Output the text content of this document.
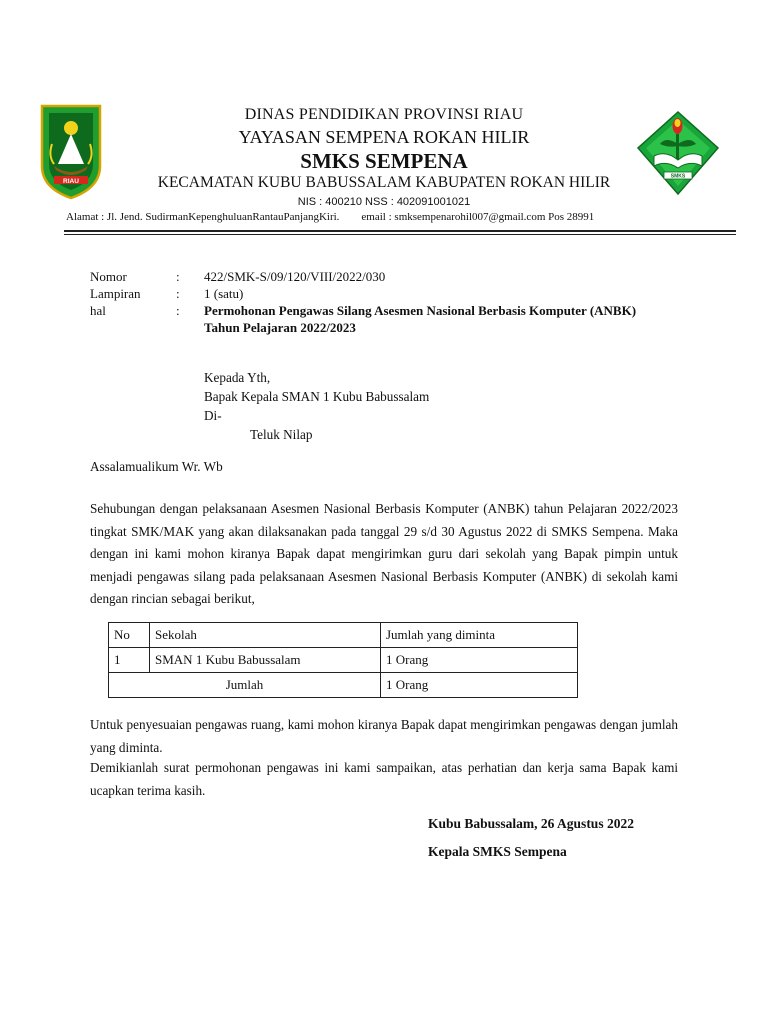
RIAU
SMKS
DINAS PENDIDIKAN PROVINSI RIAU
YAYASAN SEMPENA ROKAN HILIR
SMKS SEMPENA
KECAMATAN KUBU BABUSSALAM KABUPATEN ROKAN HILIR
NIS : 400210 NSS : 402091001021
Alamat : Jl. Jend. SudirmanKepenghuluanRantauPanjangKiri.        email : smksempenarohil007@gmail.com Pos 28991
Nomor	: 422/SMK-S/09/120/VIII/2022/030
Lampiran	: 1 (satu)
hal	: Permohonan Pengawas Silang Asesmen Nasional Berbasis Komputer (ANBK)
Tahun Pelajaran 2022/2023
Kepada Yth,
Bapak Kepala SMAN 1 Kubu Babussalam
Di-
Teluk Nilap
Assalamualikum Wr. Wb
Sehubungan dengan pelaksanaan Asesmen Nasional Berbasis Komputer (ANBK) tahun Pelajaran 2022/2023 tingkat SMK/MAK yang akan dilaksanakan pada tanggal 29 s/d 30 Agustus 2022 di SMKS Sempena. Maka dengan ini kami mohon kiranya Bapak dapat mengirimkan guru dari sekolah yang Bapak pimpin untuk menjadi pengawas silang pada pelaksanaan Asesmen Nasional Berbasis Komputer (ANBK) di sekolah kami dengan rincian sebagai berikut,
No	Sekolah	Jumlah yang diminta
1	SMAN 1 Kubu Babussalam	1 Orang
Jumlah		1 Orang
Untuk penyesuaian pengawas ruang, kami mohon kiranya Bapak dapat mengirimkan pengawas dengan jumlah yang diminta.
Demikianlah surat permohonan pengawas ini kami sampaikan, atas perhatian dan kerja sama Bapak kami ucapkan terima kasih.
Kubu Babussalam, 26 Agustus 2022
Kepala SMKS Sempena
